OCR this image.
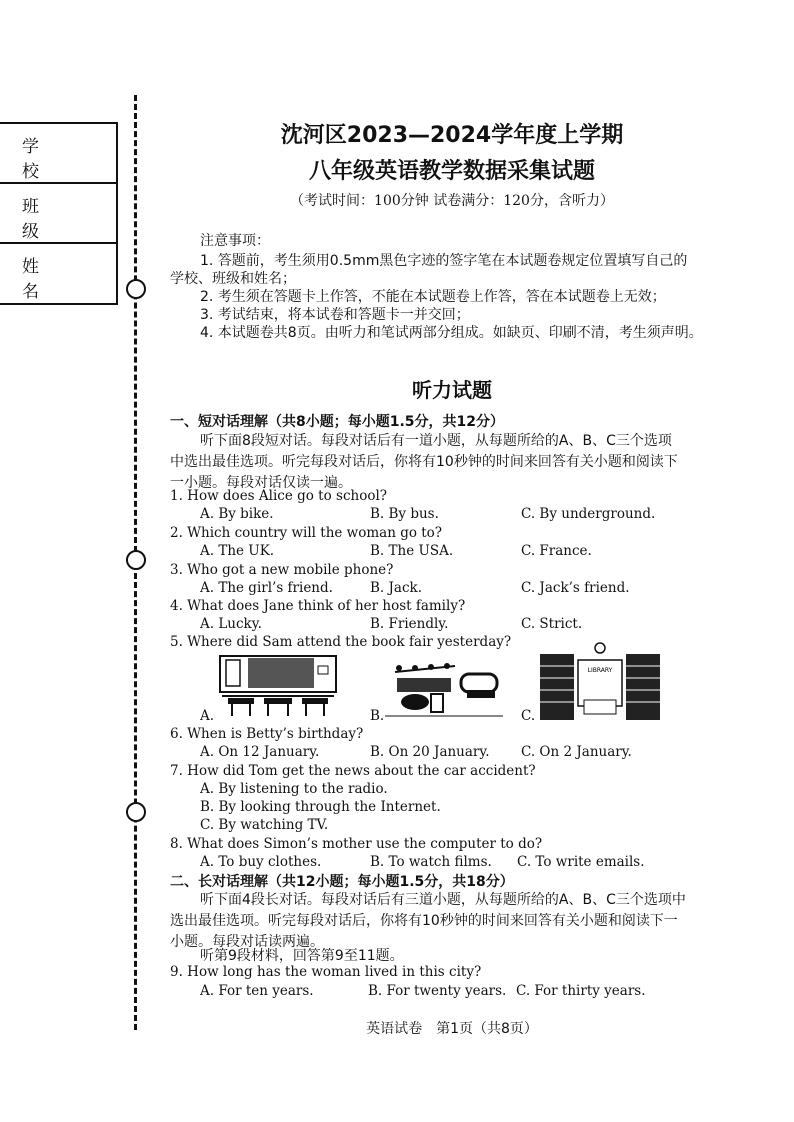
学 校
班 级
姓 名
沈河区2023—2024学年度上学期
八年级英语教学数据采集试题
（考试时间：100分钟 试卷满分：120分，含听力）
注意事项：
1. 答题前，考生须用0.5mm黑色字迹的签字笔在本试题卷规定位置填写自己的
学校、班级和姓名；
2. 考生须在答题卡上作答，不能在本试题卷上作答，答在本试题卷上无效；
3. 考试结束，将本试卷和答题卡一并交回；
4. 本试题卷共8页。由听力和笔试两部分组成。如缺页、印刷不清，考生须声明。
听力试题
一、短对话理解（共8小题；每小题1.5分，共12分）
听下面8段短对话。每段对话后有一道小题，从每题所给的A、B、C三个选项
中选出最佳选项。听完每段对话后，你将有10秒钟的时间来回答有关小题和阅读下
一小题。每段对话仅读一遍。
1. How does Alice go to school?
A. By bike.	B. By bus.	C. By underground.
2. Which country will the woman go to?
A. The UK.	B. The USA.	C. France.
3. Who got a new mobile phone?
A. The girl’s friend.	B. Jack.	C. Jack’s friend.
4. What does Jane think of her host family?
A. Lucky.	B. Friendly.	C. Strict.
5. Where did Sam attend the book fair yesterday?
A.	B.	C.
LIBRARY
6. When is Betty’s birthday?
A. On 12 January.	B. On 20 January. C. On 2 January.
7. How did Tom get the news about the car accident?
A. By listening to the radio.
B. By looking through the Internet.
C. By watching TV.
8. What does Simon’s mother use the computer to do?
A. To buy clothes.	B. To watch films. C. To write emails.
二、长对话理解（共12小题；每小题1.5分，共18分）
听下面4段长对话。每段对话后有三道小题，从每题所给的A、B、C三个选项中
选出最佳选项。听完每段对话后，你将有10秒钟的时间来回答有关小题和阅读下一
小题。每段对话读两遍。
听第9段材料，回答第9至11题。
9. How long has the woman lived in this city?
A. For ten years.	B. For twenty years. C. For thirty years.
英语试卷　第1页（共8页）
